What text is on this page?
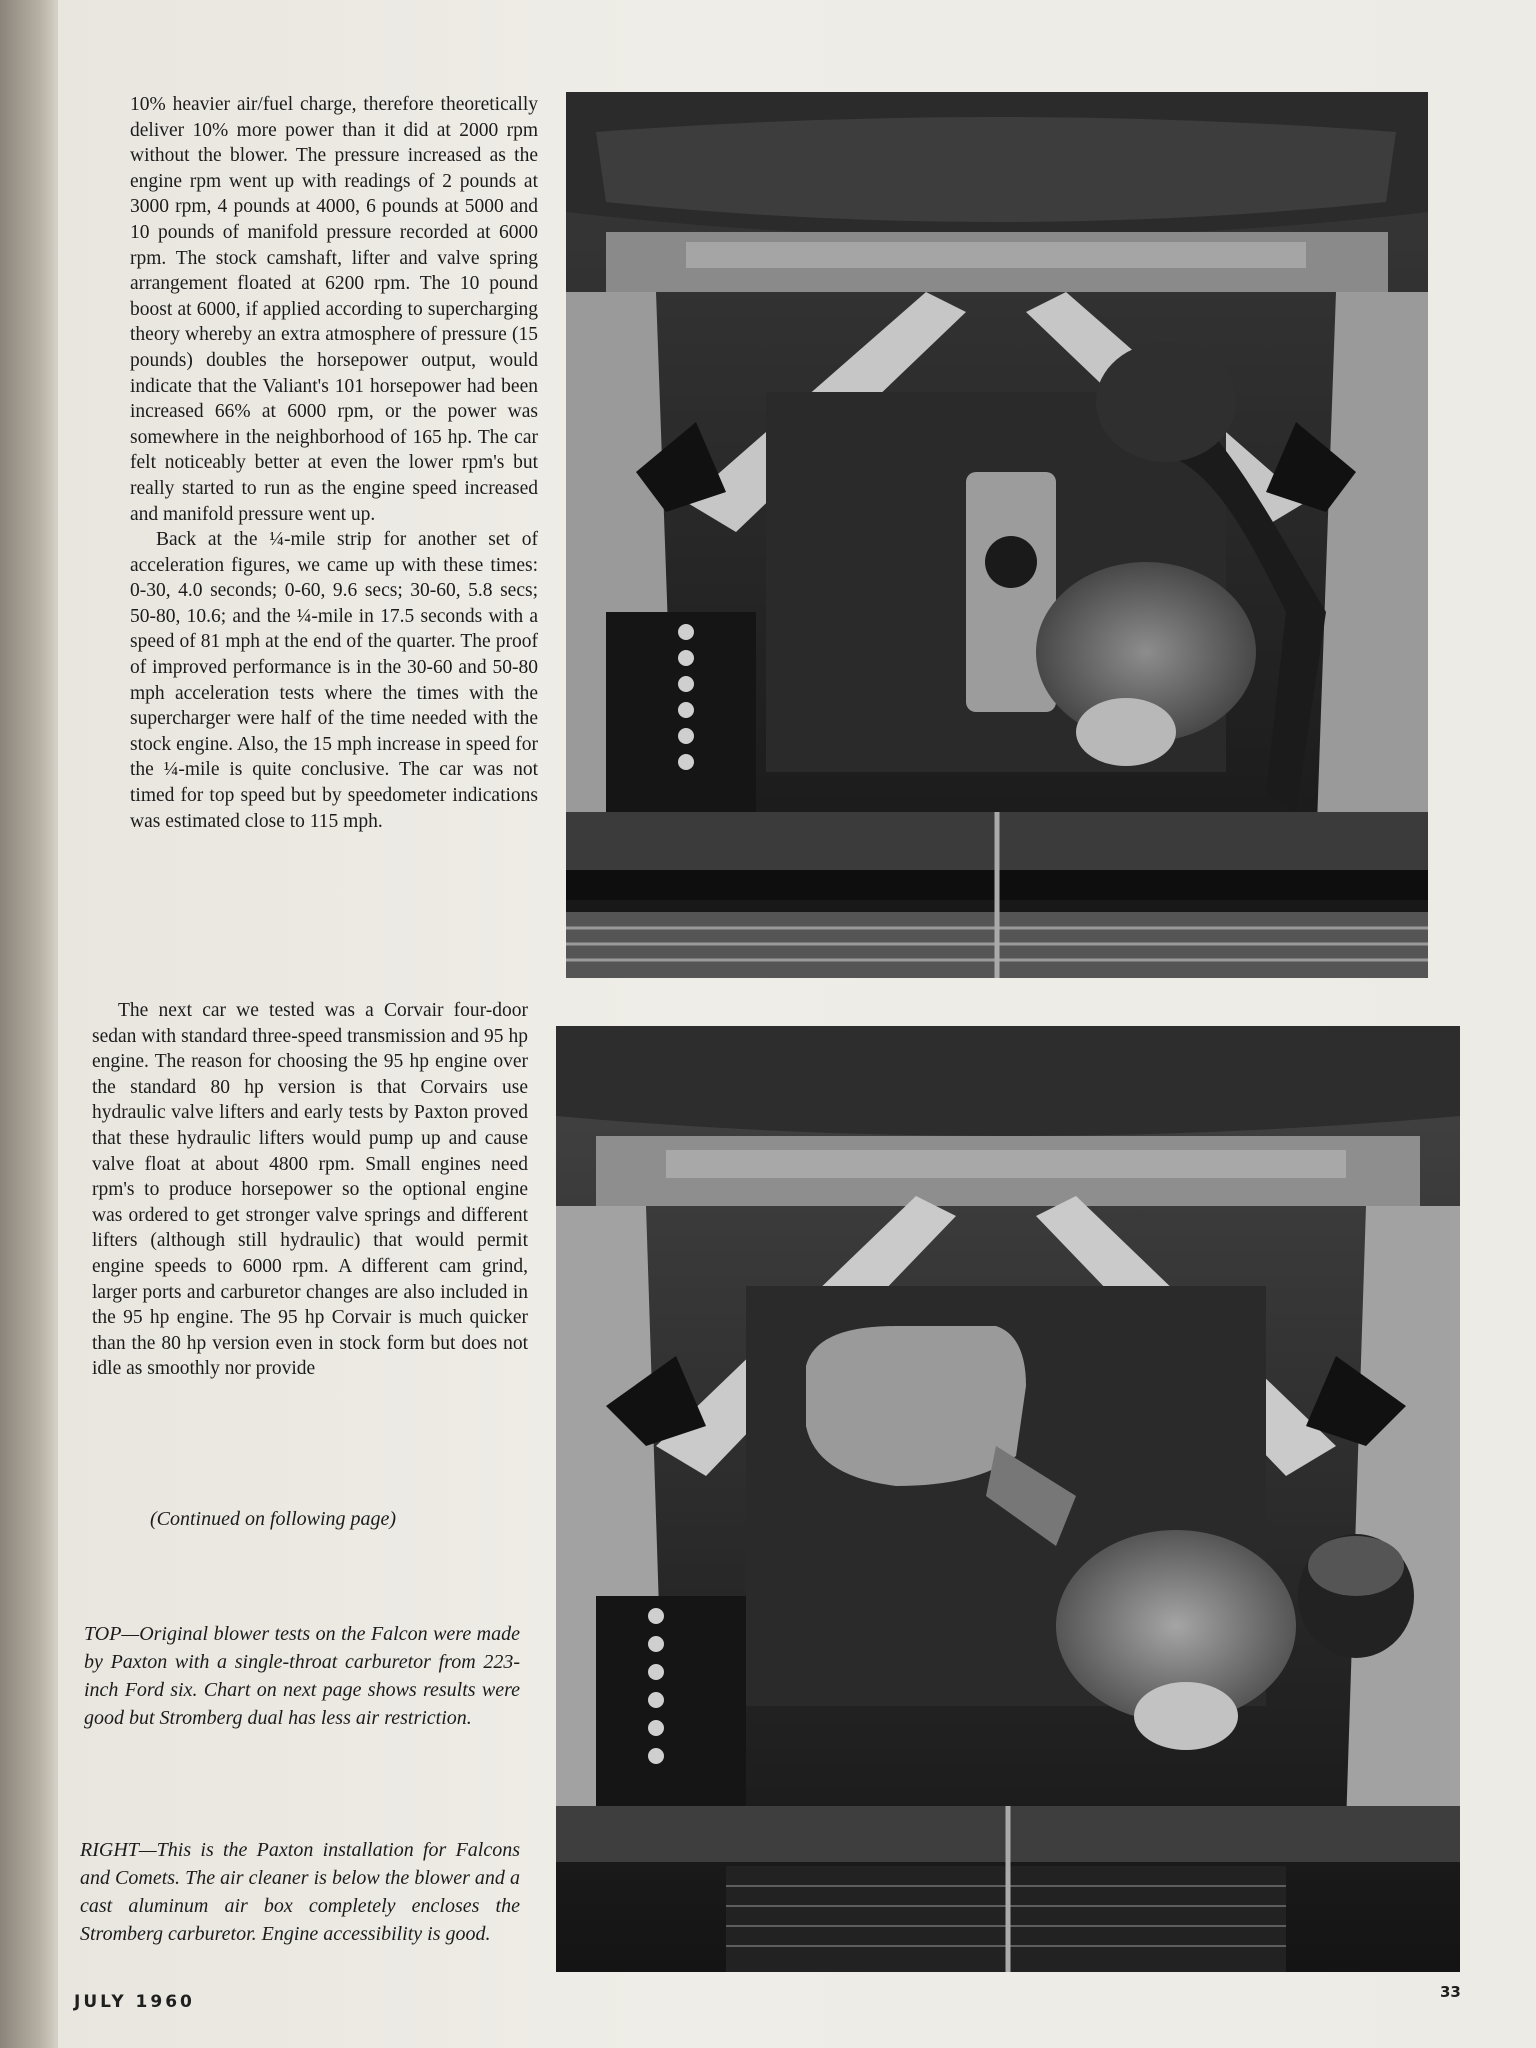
10% heavier air/fuel charge, therefore theoretically deliver 10% more power than it did at 2000 rpm without the blower. The pressure increased as the engine rpm went up with readings of 2 pounds at 3000 rpm, 4 pounds at 4000, 6 pounds at 5000 and 10 pounds of manifold pressure recorded at 6000 rpm. The stock camshaft, lifter and valve spring arrangement floated at 6200 rpm. The 10 pound boost at 6000, if applied according to supercharging theory whereby an extra atmosphere of pressure (15 pounds) doubles the horsepower output, would indicate that the Valiant's 101 horsepower had been increased 66% at 6000 rpm, or the power was somewhere in the neighborhood of 165 hp. The car felt noticeably better at even the lower rpm's but really started to run as the engine speed increased and manifold pressure went up.

Back at the ¼-mile strip for another set of acceleration figures, we came up with these times: 0-30, 4.0 seconds; 0-60, 9.6 secs; 30-60, 5.8 secs; 50-80, 10.6; and the ¼-mile in 17.5 seconds with a speed of 81 mph at the end of the quarter. The proof of improved performance is in the 30-60 and 50-80 mph acceleration tests where the times with the supercharger were half of the time needed with the stock engine. Also, the 15 mph increase in speed for the ¼-mile is quite conclusive. The car was not timed for top speed but by speedometer indications was estimated close to 115 mph.

The next car we tested was a Corvair four-door sedan with standard three-speed transmission and 95 hp engine. The reason for choosing the 95 hp engine over the standard 80 hp version is that Corvairs use hydraulic valve lifters and early tests by Paxton proved that these hydraulic lifters would pump up and cause valve float at about 4800 rpm. Small engines need rpm's to produce horsepower so the optional engine was ordered to get stronger valve springs and different lifters (although still hydraulic) that would permit engine speeds to 6000 rpm. A different cam grind, larger ports and carburetor changes are also included in the 95 hp engine. The 95 hp Corvair is much quicker than the 80 hp version even in stock form but does not idle as smoothly nor provide

(Continued on following page)
TOP—Original blower tests on the Falcon were made by Paxton with a single-throat carburetor from 223-inch Ford six. Chart on next page shows results were good but Stromberg dual has less air restriction.
RIGHT—This is the Paxton installation for Falcons and Comets. The air cleaner is below the blower and a cast aluminum air box completely encloses the Stromberg carburetor. Engine accessibility is good.
JULY 1960	33
